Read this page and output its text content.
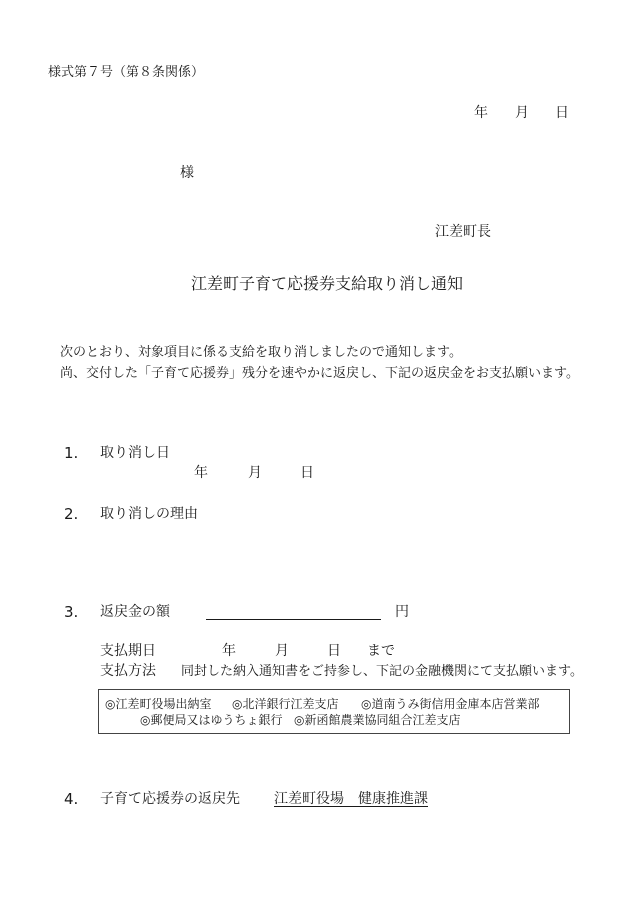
様式第７号（第８条関係）
年 月 日
様
江差町長
江差町子育て応援券支給取り消し通知
次のとおり、対象項目に係る支給を取り消しましたので通知します。
尚、交付した「子育て応援券」残分を速やかに返戻し、下記の返戻金をお支払願います。
1. 取り消し日
年	月	日
2. 取り消しの理由
3. 返戻金の額	円
支払期日	年	月	日 まで
支払方法 同封した納入通知書をご持参し、下記の金融機関にて支払願います。
◎江差町役場出納室 ◎北洋銀行江差支店 ◎道南うみ街信用金庫本店営業部
◎郵便局又はゆうちょ銀行 ◎新函館農業協同組合江差支店
4. 子育て応援券の返戻先 江差町役場　 健康推進課
